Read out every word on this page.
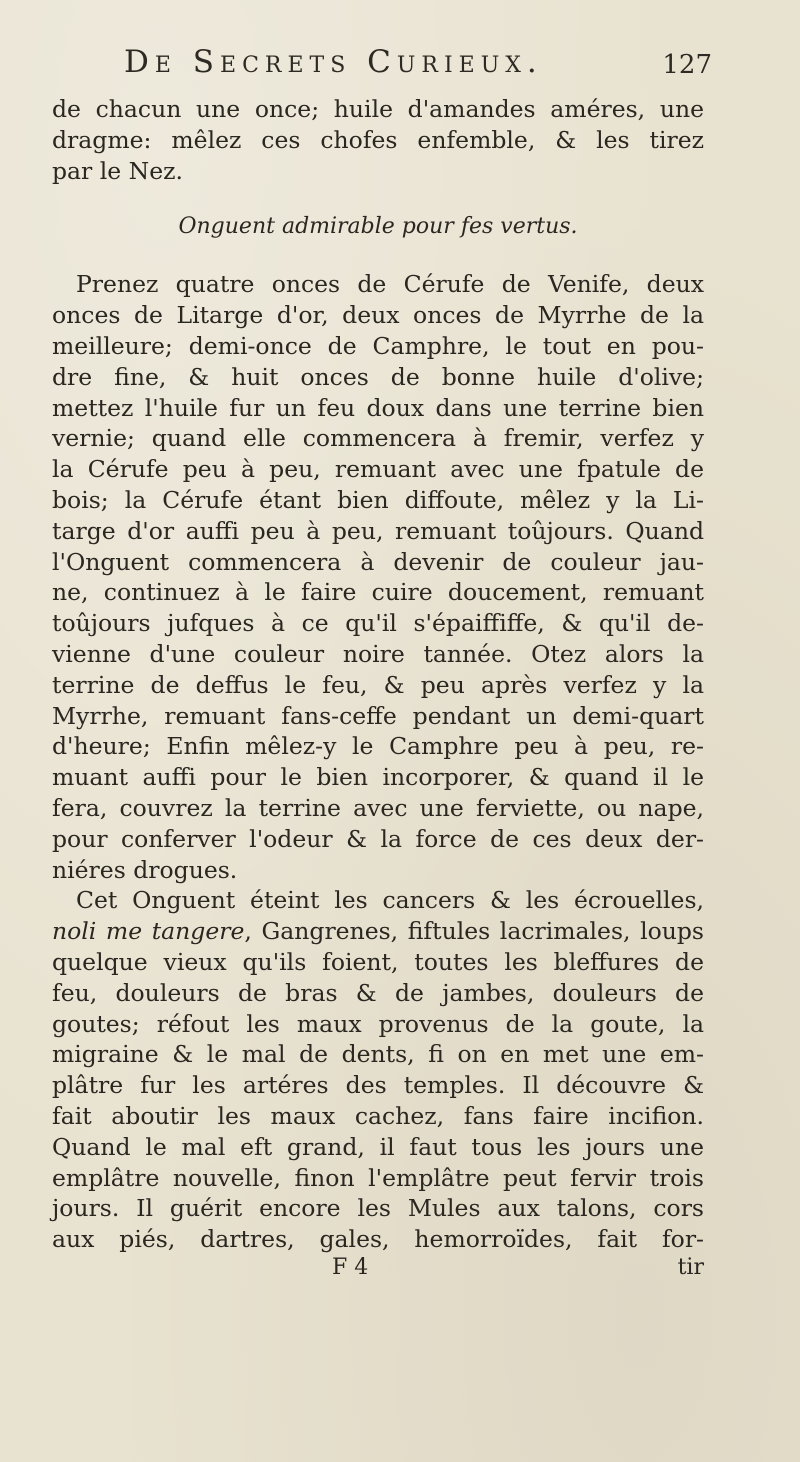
De Secrets Curieux.	127
de chacun une once; huile d'amandes améres, une
dragme: mêlez ces chofes enfemble, & les tirez
par le Nez.
Onguent admirable pour fes vertus.
Prenez quatre onces de Cérufe de Venife, deux
onces de Litarge d'or, deux onces de Myrrhe de la
meilleure; demi-once de Camphre, le tout en pou-
dre fine, & huit onces de bonne huile d'olive;
mettez l'huile fur un feu doux dans une terrine bien
vernie; quand elle commencera à fremir, verfez y
la Cérufe peu à peu, remuant avec une fpatule de
bois; la Cérufe étant bien diffoute, mêlez y la Li-
targe d'or auffi peu à peu, remuant toûjours. Quand
l'Onguent commencera à devenir de couleur jau-
ne, continuez à le faire cuire doucement, remuant
toûjours jufques à ce qu'il s'épaiffiffe, & qu'il de-
vienne d'une couleur noire tannée. Otez alors la
terrine de deffus le feu, & peu après verfez y la
Myrrhe, remuant fans-ceffe pendant un demi-quart
d'heure; Enfin mêlez-y le Camphre peu à peu, re-
muant auffi pour le bien incorporer, & quand il le
fera, couvrez la terrine avec une ferviette, ou nape,
pour conferver l'odeur & la force de ces deux der-
niéres drogues.
Cet Onguent éteint les cancers & les écrouelles,
noli me tangere, Gangrenes, fiftules lacrimales, loups
quelque vieux qu'ils foient, toutes les bleffures de
feu, douleurs de bras & de jambes, douleurs de
goutes; réfout les maux provenus de la goute, la
migraine & le mal de dents, fi on en met une em-
plâtre fur les artéres des temples. Il découvre &
fait aboutir les maux cachez, fans faire incifion.
Quand le mal eft grand, il faut tous les jours une
emplâtre nouvelle, finon l'emplâtre peut fervir trois
jours. Il guérit encore les Mules aux talons, cors
aux piés, dartres, gales, hemorroïdes, fait for-
F 4	tir
